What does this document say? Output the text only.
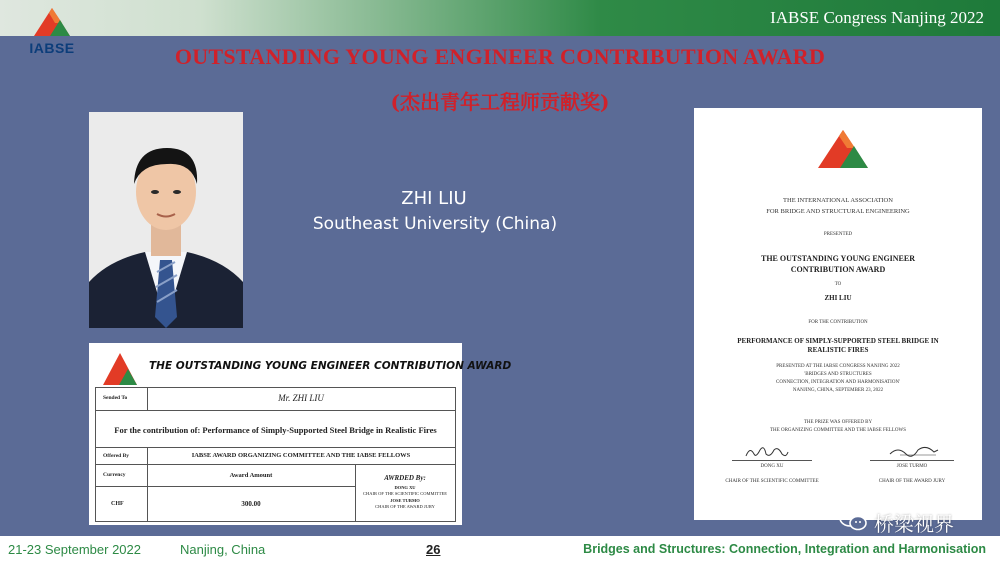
IABSE Congress Nanjing 2022
IABSE	OUTSTANDING YOUNG ENGINEER CONTRIBUTION AWARD
(杰出青年工程师贡献奖)
ZHI LIU
Southeast University (China)
THE OUTSTANDING YOUNG ENGINEER CONTRIBUTION AWARD
Sended To	Mr. ZHI LIU
For the contribution of: Performance of Simply-Supported Steel Bridge in Realistic Fires
Offered By	IABSE AWARD ORGANIZING COMMITTEE AND THE IABSE FELLOWS
Currency	Award Amount
CHF	300.00
AWRDED By:
DONG XU
CHAIR OF THE SCIENTIFIC COMMITTEE
JOSE TURMO
CHAIR OF THE AWARD JURY
THE INTERNATIONAL ASSOCIATION
FOR BRIDGE AND STRUCTURAL ENGINEERING
PRESENTED
THE OUTSTANDING YOUNG ENGINEER
CONTRIBUTION AWARD
TO
ZHI LIU
FOR THE CONTRIBUTION
PERFORMANCE OF SIMPLY-SUPPORTED STEEL BRIDGE IN
REALISTIC FIRES
PRESENTED AT THE IABSE CONGRESS NANJING 2022
'BRIDGES AND STRUCTURES
CONNECTION, INTEGRATION AND HARMONISATION'
NANJING, CHINA, SEPTEMBER 23, 2022
THE PRIZE WAS OFFERED BY
THE ORGANIZING COMMITTEE AND THE IABSE FELLOWS
DONG XU	JOSE TURMO
CHAIR OF THE SCIENTIFIC COMMITTEE	CHAIR OF THE AWARD JURY
桥梁视界
21-23 September 2022	Nanjing, China	26	Bridges and Structures: Connection, Integration and Harmonisation
